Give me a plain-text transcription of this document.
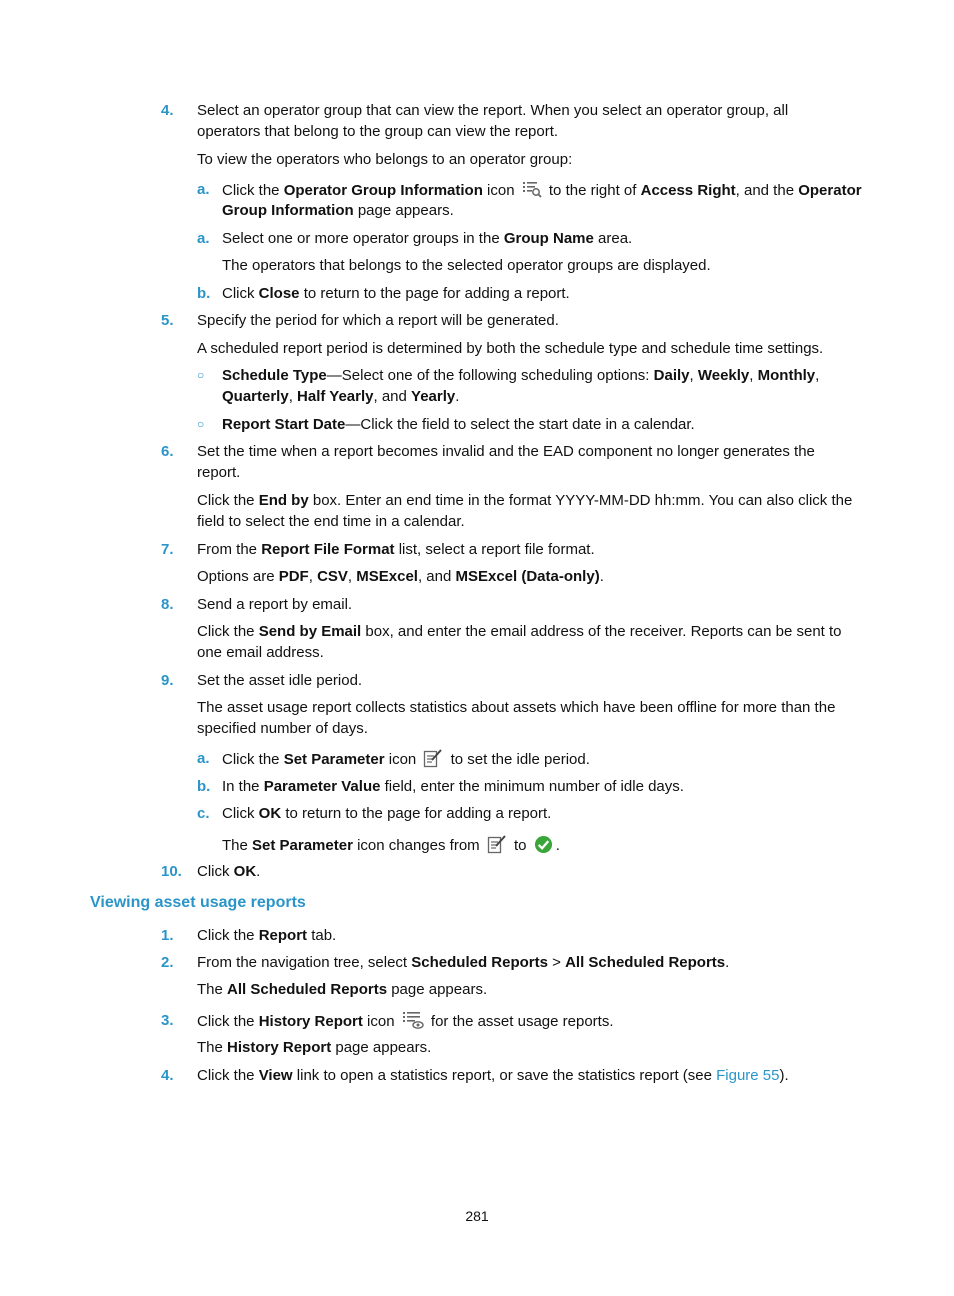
4. Select an operator group that can view the report. When you select an operator group, all
operators that belong to the group can view the report.
To view the operators who belongs to an operator group:
a. Click the Operator Group Information icon  to the right of Access Right, and the Operator
Group Information page appears.
a. Select one or more operator groups in the Group Name area.
The operators that belongs to the selected operator groups are displayed.
b. Click Close to return to the page for adding a report.
5. Specify the period for which a report will be generated.
A scheduled report period is determined by both the schedule type and schedule time settings.
○ Schedule Type—Select one of the following scheduling options: Daily, Weekly, Monthly,
Quarterly, Half Yearly, and Yearly.
○ Report Start Date—Click the field to select the start date in a calendar.
6. Set the time when a report becomes invalid and the EAD component no longer generates the
report.
Click the End by box. Enter an end time in the format YYYY-MM-DD hh:mm. You can also click the
field to select the end time in a calendar.
7. From the Report File Format list, select a report file format.
Options are PDF, CSV, MSExcel, and MSExcel (Data-only).
8. Send a report by email.
Click the Send by Email box, and enter the email address of the receiver. Reports can be sent to
one email address.
9. Set the asset idle period.
The asset usage report collects statistics about assets which have been offline for more than the
specified number of days.
a. Click the Set Parameter icon  to set the idle period.
b. In the Parameter Value field, enter the minimum number of idle days.
c. Click OK to return to the page for adding a report.
The Set Parameter icon changes from  to .
10. Click OK.
Viewing asset usage reports
1. Click the Report tab.
2. From the navigation tree, select Scheduled Reports > All Scheduled Reports.
The All Scheduled Reports page appears.
3. Click the History Report icon  for the asset usage reports.
The History Report page appears.
4. Click the View link to open a statistics report, or save the statistics report (see Figure 55).
281
